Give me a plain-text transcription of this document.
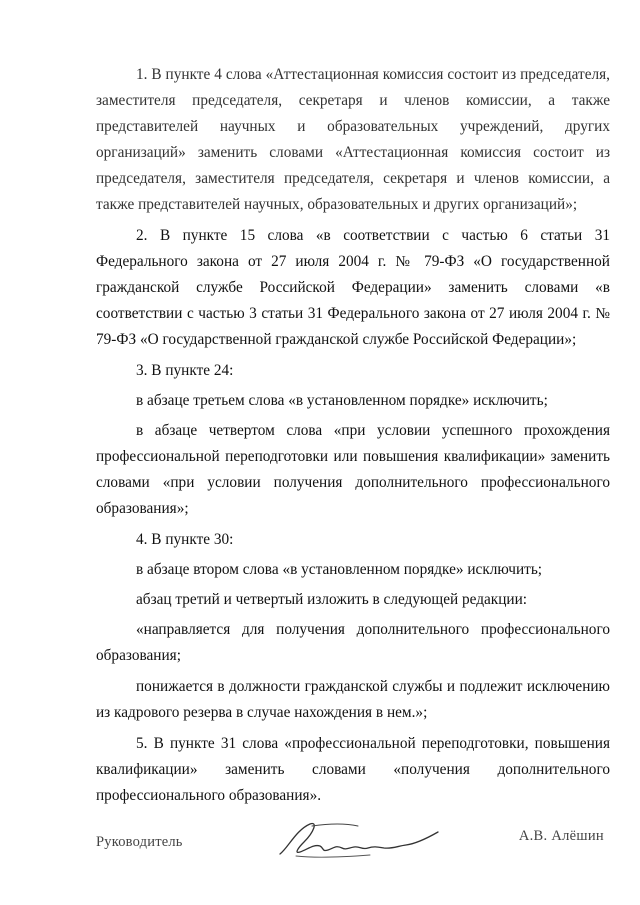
1. В пункте 4 слова «Аттестационная комиссия состоит из председателя, заместителя председателя, секретаря и членов комиссии, а также представителей научных и образовательных учреждений, других организаций» заменить словами «Аттестационная комиссия состоит из председателя, заместителя председателя, секретаря и членов комиссии, а также представителей научных, образовательных и других организаций»;

2. В пункте 15 слова «в соответствии с частью 6 статьи 31 Федерального закона от 27 июля 2004 г. № 79-ФЗ «О государственной гражданской службе Российской Федерации» заменить словами «в соответствии с частью 3 статьи 31 Федерального закона от 27 июля 2004 г. № 79-ФЗ «О государственной гражданской службе Российской Федерации»;

3. В пункте 24:

в абзаце третьем слова «в установленном порядке» исключить;

в абзаце четвертом слова «при условии успешного прохождения профессиональной переподготовки или повышения квалификации» заменить словами «при условии получения дополнительного профессионального образования»;

4. В пункте 30:

в абзаце втором слова «в установленном порядке» исключить;

абзац третий и четвертый изложить в следующей редакции:

«направляется для получения дополнительного профессионального образования;

понижается в должности гражданской службы и подлежит исключению из кадрового резерва в случае нахождения в нем.»;

5. В пункте 31 слова «профессиональной переподготовки, повышения квалификации» заменить словами «получения дополнительного профессионального образования».

Руководитель	А.В. Алёшин
